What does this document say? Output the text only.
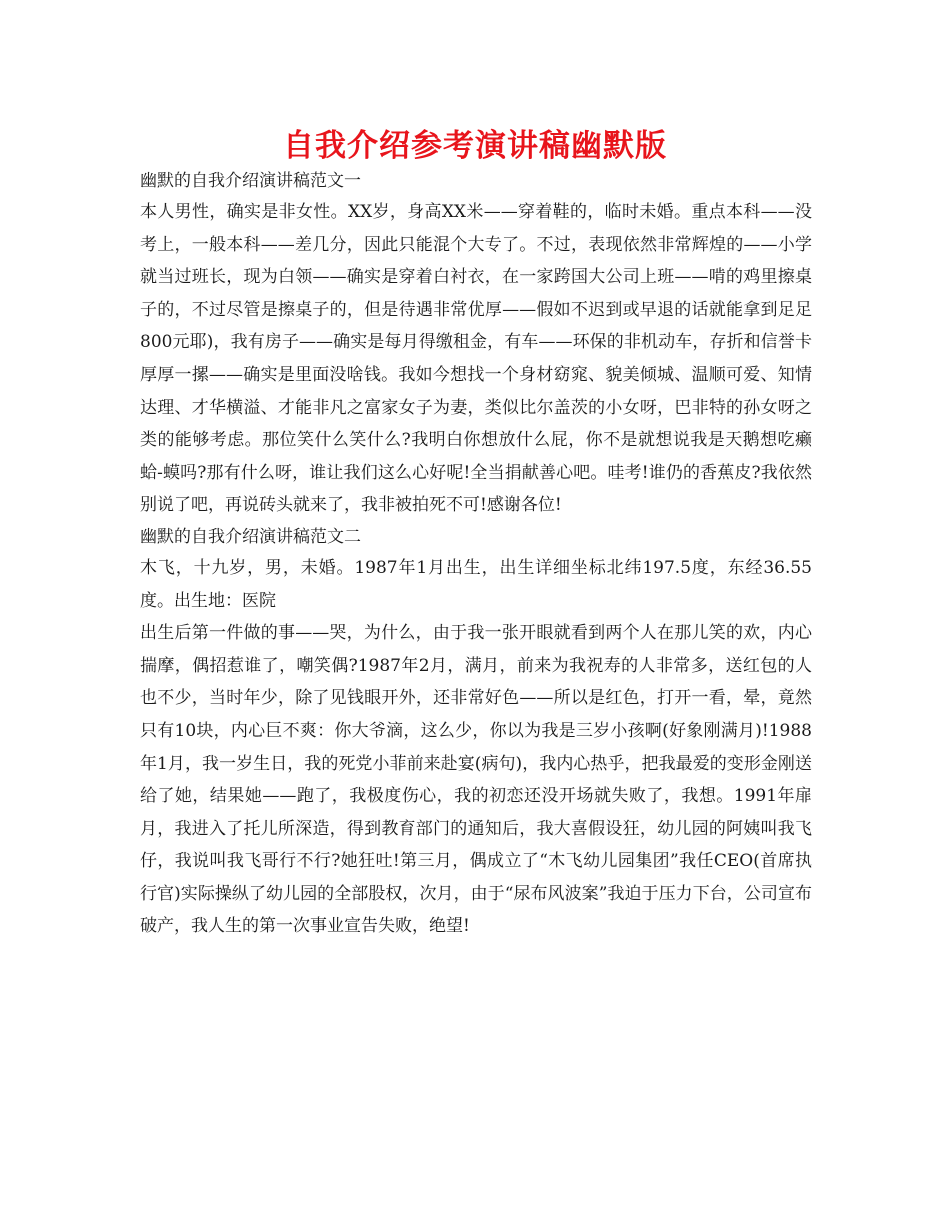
自我介绍参考演讲稿幽默版

幽默的自我介绍演讲稿范文一

本人男性，确实是非女性。XX岁，身高XX米——穿着鞋的，临时未婚。重点本科——没考上，一般本科——差几分，因此只能混个大专了。不过，表现依然非常辉煌的——小学就当过班长，现为白领——确实是穿着白衬衣，在一家跨国大公司上班——啃的鸡里擦桌子的，不过尽管是擦桌子的，但是待遇非常优厚——假如不迟到或早退的话就能拿到足足800元耶)，我有房子——确实是每月得缴租金，有车——环保的非机动车，存折和信誉卡厚厚一摞——确实是里面没啥钱。我如今想找一个身材窈窕、貌美倾城、温顺可爱、知情达理、才华横溢、才能非凡之富家女子为妻，类似比尔盖茨的小女呀，巴非特的孙女呀之类的能够考虑。那位笑什么笑什么?我明白你想放什么屁，你不是就想说我是天鹅想吃癞蛤-蟆吗?那有什么呀，谁让我们这么心好呢!全当捐献善心吧。哇考!谁仍的香蕉皮?我依然别说了吧，再说砖头就来了，我非被拍死不可!感谢各位!

幽默的自我介绍演讲稿范文二

木飞，十九岁，男，未婚。1987年1月出生，出生详细坐标北纬197.5度，东经36.55度。出生地：医院

出生后第一件做的事——哭，为什么，由于我一张开眼就看到两个人在那儿笑的欢，内心揣摩，偶招惹谁了，嘲笑偶?1987年2月，满月，前来为我祝寿的人非常多，送红包的人也不少，当时年少，除了见钱眼开外，还非常好色——所以是红色，打开一看，晕，竟然只有10块，内心巨不爽：你大爷滴，这么少，你以为我是三岁小孩啊(好象刚满月)!1988年1月，我一岁生日，我的死党小菲前来赴宴(病句)，我内心热乎，把我最爱的变形金刚送给了她，结果她——跑了，我极度伤心，我的初恋还没开场就失败了，我想。1991年扉月，我进入了托儿所深造，得到教育部门的通知后，我大喜假设狂，幼儿园的阿姨叫我飞仔，我说叫我飞哥行不行?她狂吐!第三月，偶成立了“木飞幼儿园集团”我任CEO(首席执行官)实际操纵了幼儿园的全部股权，次月，由于“尿布风波案”我迫于压力下台，公司宣布破产，我人生的第一次事业宣告失败，绝望!
